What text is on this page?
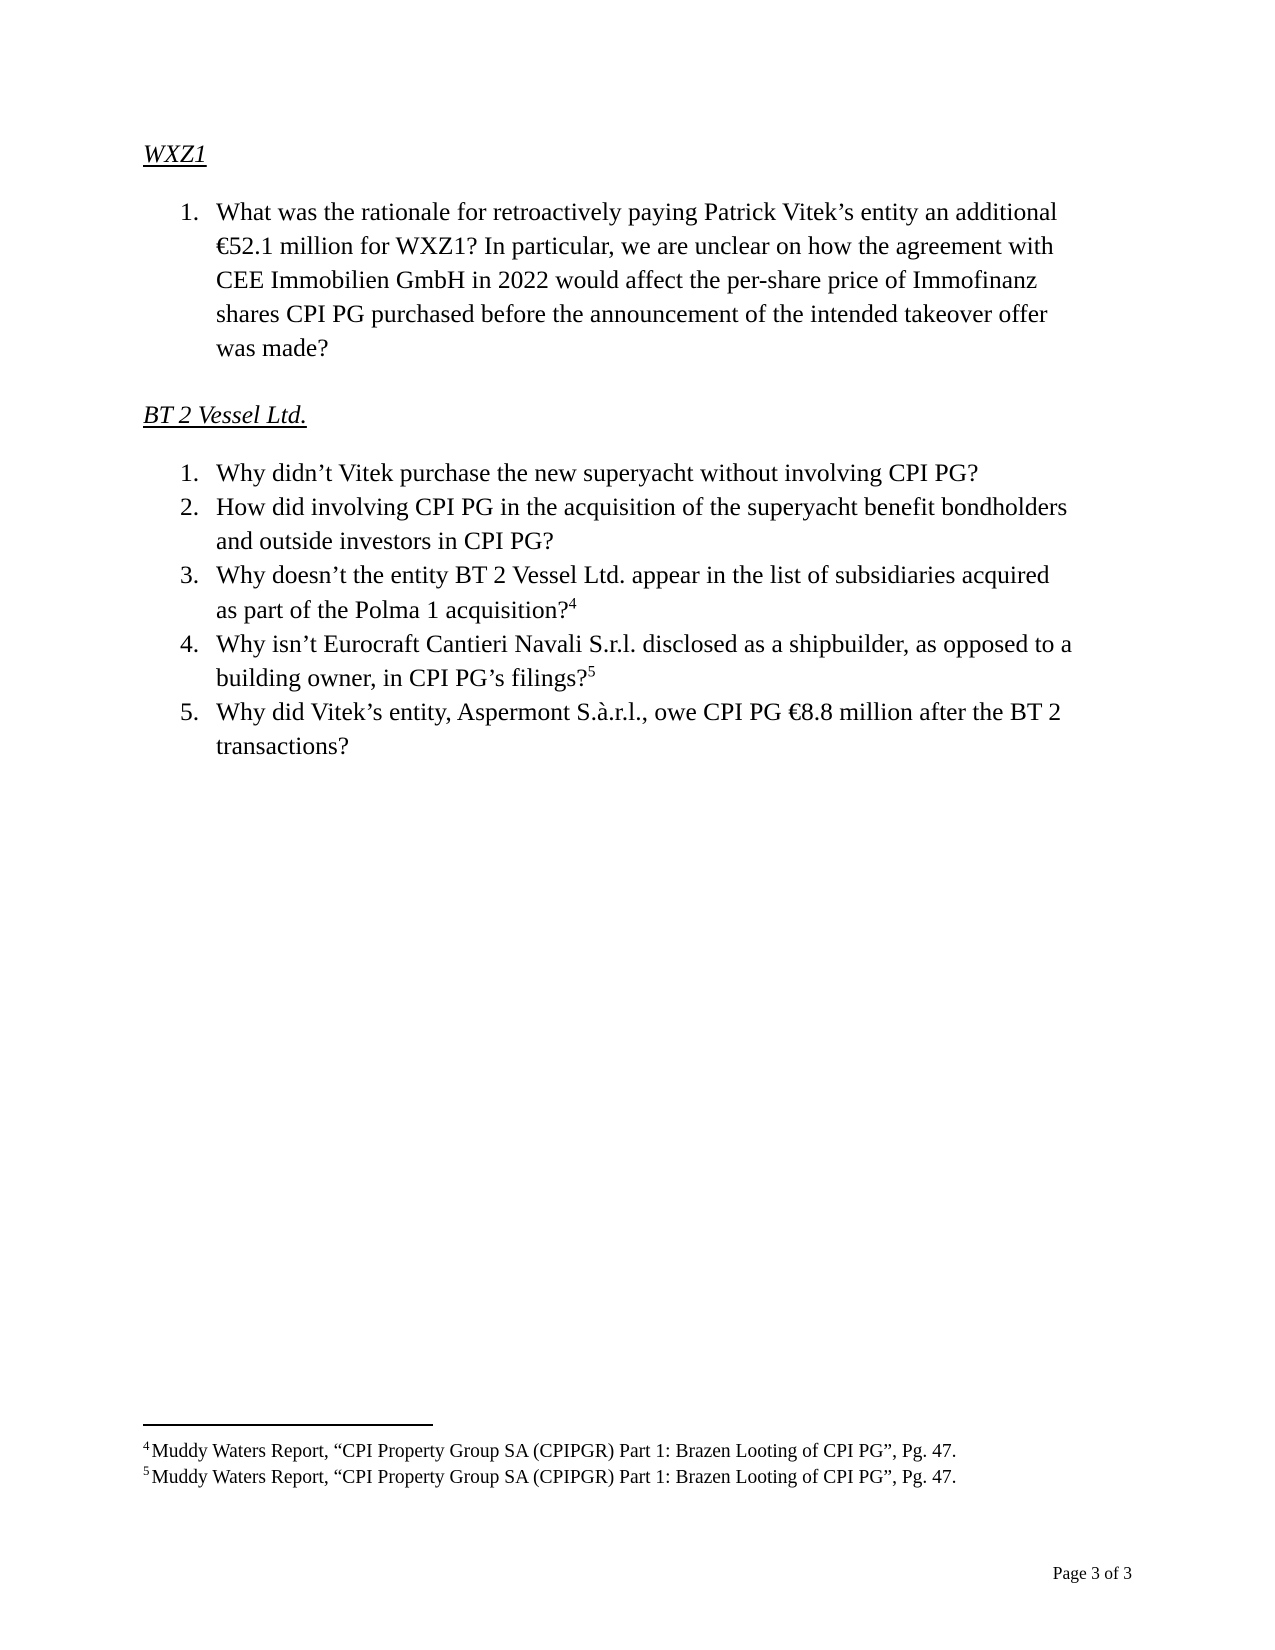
WXZ1
1. What was the rationale for retroactively paying Patrick Vitek’s entity an additional €52.1 million for WXZ1? In particular, we are unclear on how the agreement with CEE Immobilien GmbH in 2022 would affect the per-share price of Immofinanz shares CPI PG purchased before the announcement of the intended takeover offer was made?
BT 2 Vessel Ltd.
1. Why didn’t Vitek purchase the new superyacht without involving CPI PG?
2. How did involving CPI PG in the acquisition of the superyacht benefit bondholders and outside investors in CPI PG?
3. Why doesn’t the entity BT 2 Vessel Ltd. appear in the list of subsidiaries acquired as part of the Polma 1 acquisition?$^4$
4. Why isn’t Eurocraft Cantieri Navali S.r.l. disclosed as a shipbuilder, as opposed to a building owner, in CPI PG’s filings?$^5$
5. Why did Vitek’s entity, Aspermont S.à.r.l., owe CPI PG €8.8 million after the BT 2 transactions?

$^4$ Muddy Waters Report, “CPI Property Group SA (CPIPGR) Part 1: Brazen Looting of CPI PG”, Pg. 47.

$^5$ Muddy Waters Report, “CPI Property Group SA (CPIPGR) Part 1: Brazen Looting of CPI PG”, Pg. 47.

Page 3 of 3
